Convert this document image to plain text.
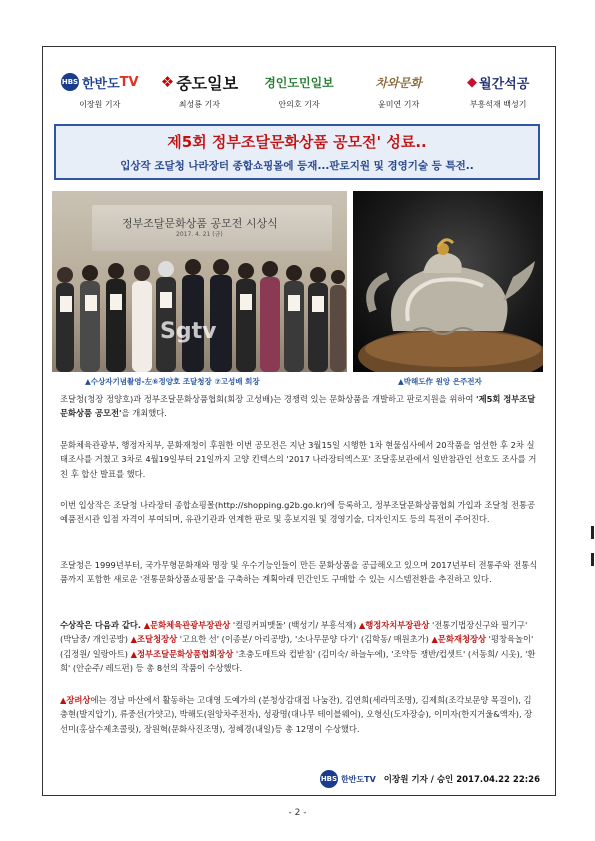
HBS 한반도 TV
이장원 기자
❖ 중도일보
최성룡 기자
경인도민일보
안의호 기자
차와문화
윤미연 기자
◆ 월간석공
부흥석재 백성기
제5회 정부조달문화상품 공모전' 성료..
입상작 조달청 나라장터 종합쇼핑몰에 등재...판로지원 및 경영기술 등 특전..
정부조달문화상품 공모전 시상식
2017. 4. 21 (금)
Sgtv
▲수상자기념촬영-左⑥정양호 조달청장 ⑦고성배 회장	▲박해도作 원앙 은주전자
조달청(청장 정양호)과 정부조달문화상품협회(회장 고성배)는 경쟁력 있는 문화상품을 개발하고 판로지원을 위하여 '제5회 정부조달문화상품 공모전'을 개최했다.
문화체육관광부, 행정자치부, 문화재청이 후원한 이번 공모전은 지난 3월15일 시행한 1차 현물심사에서 20작품을 엄선한 후 2차 실태조사를 거쳤고 3차로 4월19일부터 21일까지 고양 킨텍스의 '2017 나라장터엑스포' 조달홍보관에서 일반참관인 선호도 조사를 거친 후 합산 발표를 했다.
이번 입상작은 조달청 나라장터 종합쇼핑몰(http://shopping.g2b.go.kr)에 등록하고, 정부조달문화상품협회 가입과 조달청 전통공예품전시관 입점 자격이 부여되며, 유관기관과 연계한 판로 및 홍보지원 및 경영기술, 디자인지도 등의 특전이 주어진다.
조달청은 1999년부터, 국가무형문화재와 명장 및 우수기능인들이 만든 문화상품을 공급해오고 있으며 2017년부터 전통주와 전통식품까지 포함한 새로운 '전통문화상품쇼핑몰'을 구축하는 계획아래 민간인도 구매할 수 있는 시스템전환을 추진하고 있다.
수상작은 다음과 같다. ▲문화체육관광부장관상 '컬링커피맷돌' (백성기/ 부흥석재) ▲행정자치부장관상 '전통기법장신구와 필기구' (박남중/ 개인공방) ▲조달청장상 '고요한 선' (이종분/ 아리공방), '소나무문양 다기' (김학동/ 매원초가) ▲문화재청장상 '평창육놀이' (김정원/ 일랑아트) ▲정부조달문화상품협회장상 '초충도매트와 컵받침' (김미숙/ 하늘누에), '조약등 쟁반/컵셋트' (서동희/ 시옷), '환희' (안순주/ 레드펀) 등 총 8선의 작품이 수상했다.
▲장려상에는 경남 마산에서 활동하는 고대영 도예가의 (분청상감대접 나눔잔), 김연희(세라믹조명), 김제희(조각보문양 목걸이), 김충현(발지압기), 류중선(가얏고), 박해도(원앙차주전자), 성광명(대나무 테이블웨어), 오형신(도자장승), 이미자(한지거울&액자), 장선미(홍삼수제초콜릿), 장원혁(문화사진조명), 정혜경(내일)등 총 12명이 수상했다.
HBS 한반도TV 이장원 기자 / 승인 2017.04.22 22:26
- 2 -
